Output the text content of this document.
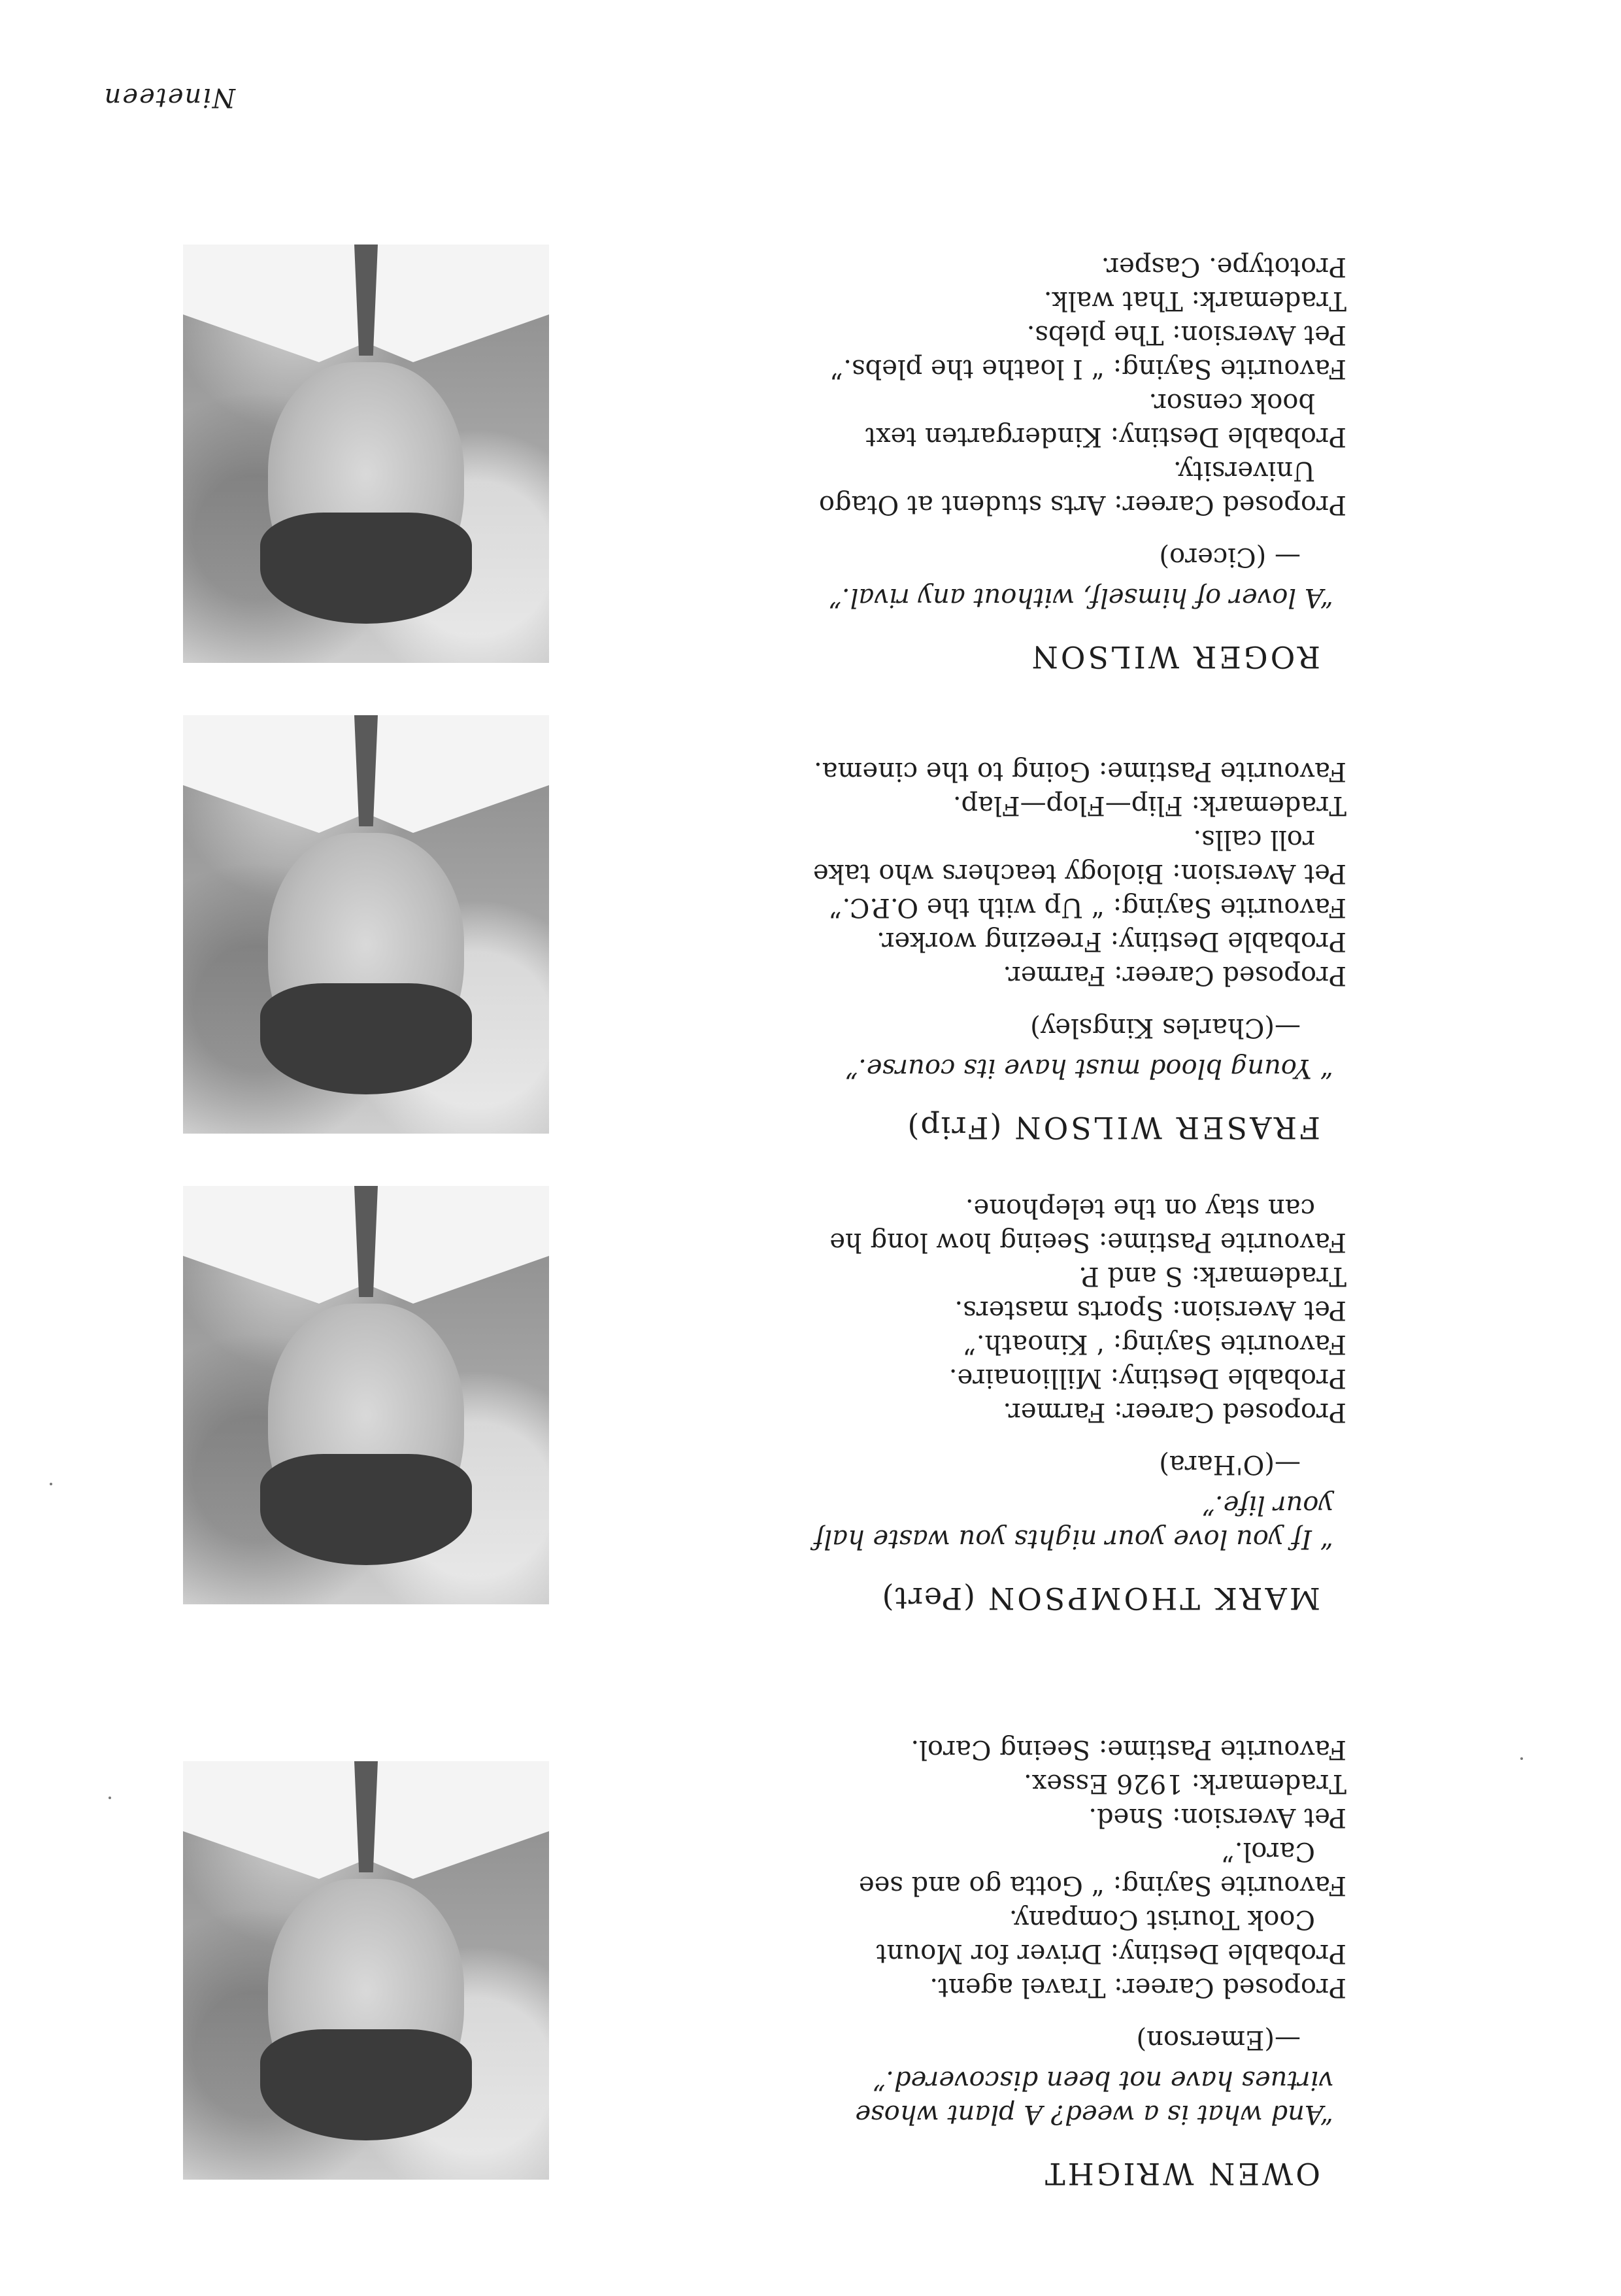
MARK THOMPSON(Pert)

“ If you love your nights you waste half your life.”

—(O'Hara)

Proposed Career: Farmer.

Probable Destiny: Millionaire.

Favourite Saying: ‘ Kinoath.”

Pet Aversion: Sports masters.

Trademark: S and P.

Favourite Pastime: Seeing how long he can stay on the telephone.

FRASER WILSON(Frip)

“ Young blood must have its course.”

—(Charles Kingsley)

Proposed Career: Farmer.

Probable Destiny: Freezing worker.

Favourite Saying: “ Up with the O.P.C.”

Pet Aversion: Biology teachers who take roll calls.

Trademark: Flip—Flop—Flap.

Favourite Pastime: Going to the cinema.

ROGER WILSON

“A lover of himself, without any rival.”

— (Cicero)

Proposed Career: Arts student at Otago University.

Probable Destiny: Kindergarten text book censor.

Favourite Saying: “ I loathe the plebs.”

Pet Aversion: The plebs.

Trademark: That walk.

Prototype. Casper.

OWEN WRIGHT

“And what is a weed? A plant whose virtues have not been discovered.”

—(Emerson)

Proposed Career: Travel agent.

Probable Destiny: Driver for Mount Cook Tourist Company.

Favourite Saying: “ Gotta go and see Carol.”

Pet Aversion: Sned.

Trademark: 1926 Essex.

Favourite Pastime: Seeing Carol.

Nineteen
